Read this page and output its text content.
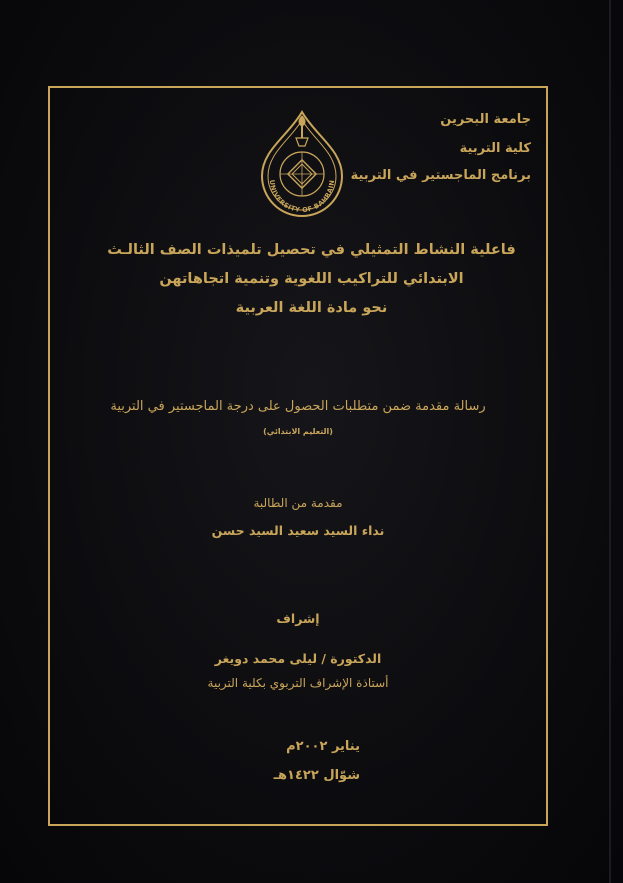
جامعة البحرين
كلية التربية
برنامج الماجستير في التربية
UNIVERSITY OF BAHRAIN
فاعلية النشاط التمثيلي في تحصيل تلميذات الصف الثالـث
الابتدائي للتراكيب اللغوية وتنمية اتجاهاتهن
نحو مادة اللغة العربية
رسالة مقدمة ضمن متطلبات الحصول على درجة الماجستير في التربية
(التعليم الابتدائي)
مقدمة من الطالبة
نداء السيد سعيد السيد حسن
إشراف
الدكتورة / ليلى محمد دويغر
أستاذة الإشراف التربوي بكلية التربية
يناير ٢٠٠٢م
شوّال ١٤٢٢هـ
